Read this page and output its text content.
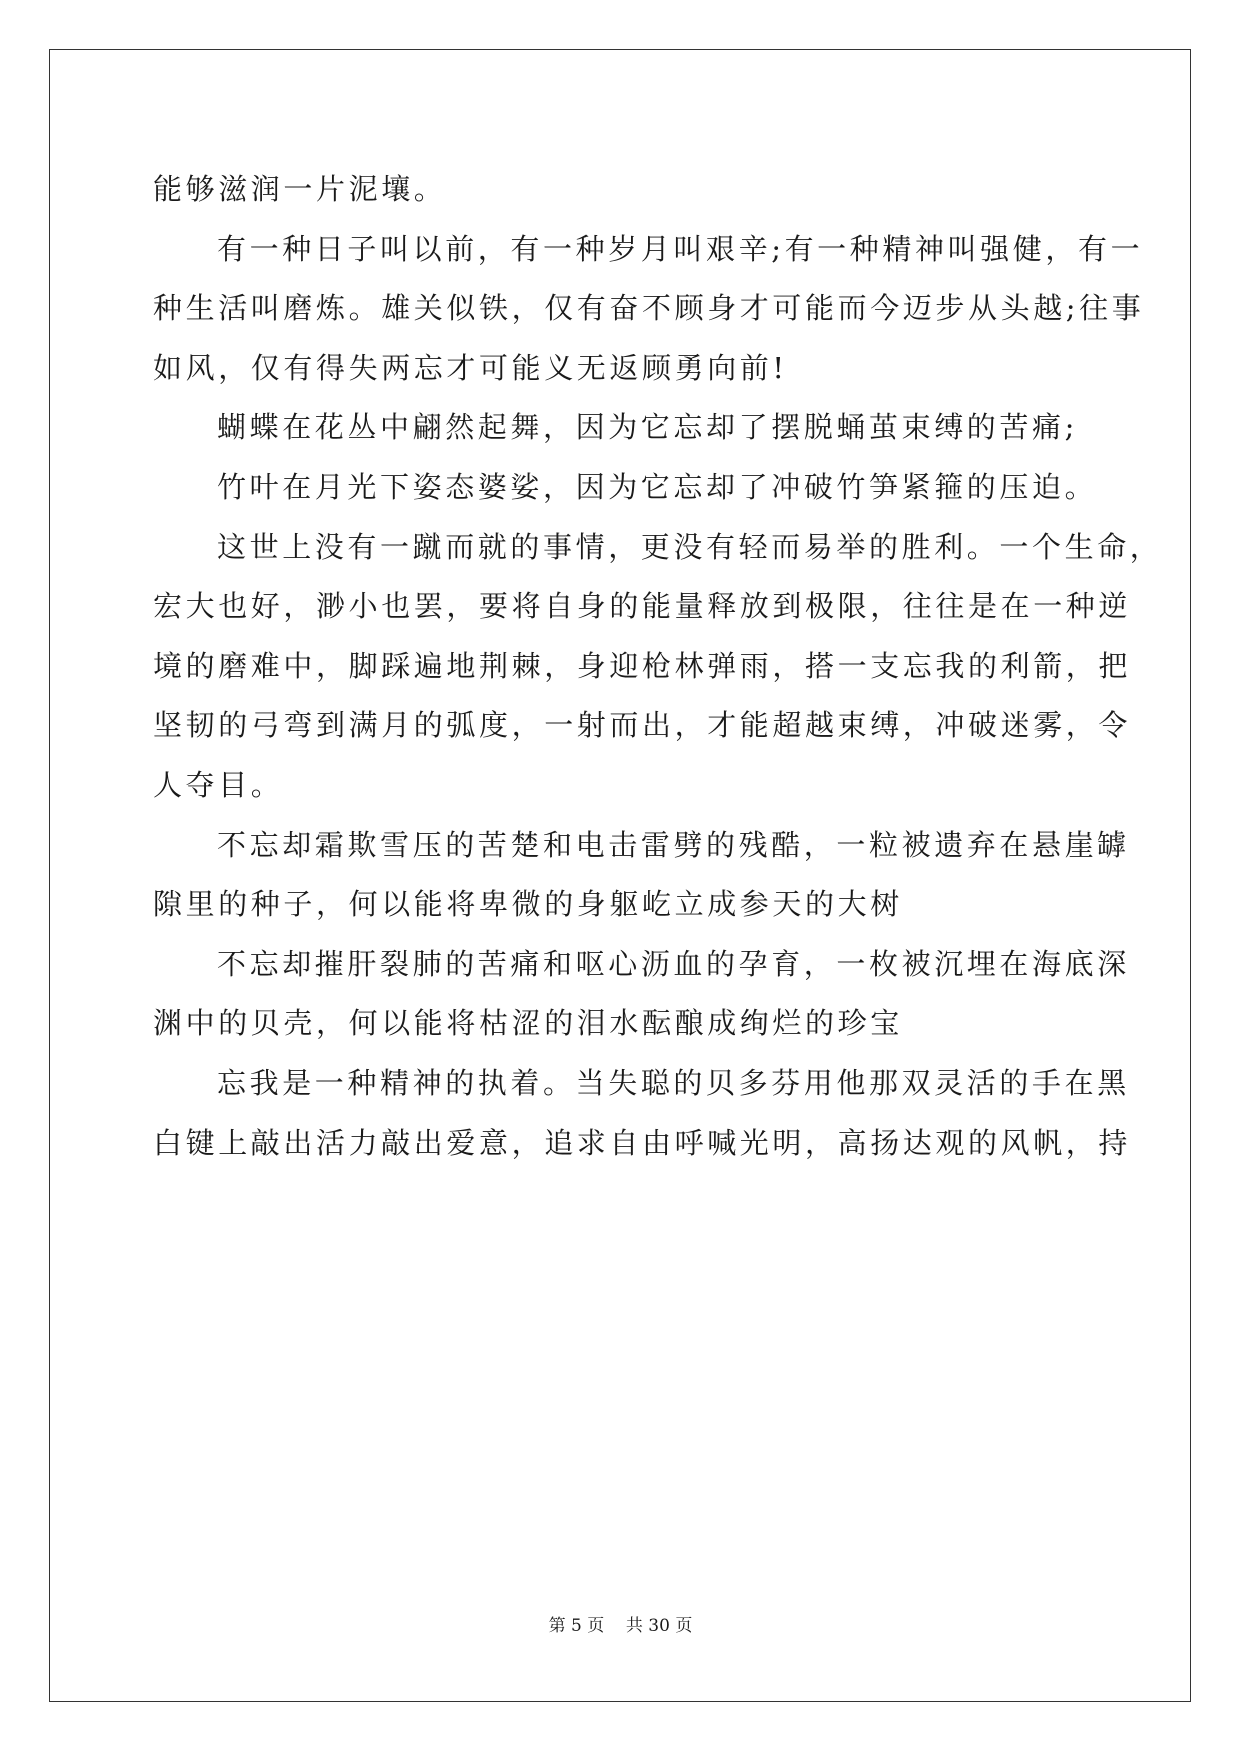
能够滋润一片泥壤。
有一种日子叫以前，有一种岁月叫艰辛;有一种精神叫强健，有一
种生活叫磨炼。雄关似铁，仅有奋不顾身才可能而今迈步从头越;往事
如风，仅有得失两忘才可能义无返顾勇向前!
蝴蝶在花丛中翩然起舞，因为它忘却了摆脱蛹茧束缚的苦痛;
竹叶在月光下姿态婆娑，因为它忘却了冲破竹笋紧箍的压迫。
这世上没有一蹴而就的事情，更没有轻而易举的胜利。一个生命，
宏大也好，渺小也罢，要将自身的能量释放到极限，往往是在一种逆
境的磨难中，脚踩遍地荆棘，身迎枪林弹雨，搭一支忘我的利箭，把
坚韧的弓弯到满月的弧度，一射而出，才能超越束缚，冲破迷雾，令
人夺目。
不忘却霜欺雪压的苦楚和电击雷劈的残酷，一粒被遗弃在悬崖罅
隙里的种子，何以能将卑微的身躯屹立成参天的大树
不忘却摧肝裂肺的苦痛和呕心沥血的孕育，一枚被沉埋在海底深
渊中的贝壳，何以能将枯涩的泪水酝酿成绚烂的珍宝
忘我是一种精神的执着。当失聪的贝多芬用他那双灵活的手在黑
白键上敲出活力敲出爱意，追求自由呼喊光明，高扬达观的风帆，持
第 5 页    共 30 页
